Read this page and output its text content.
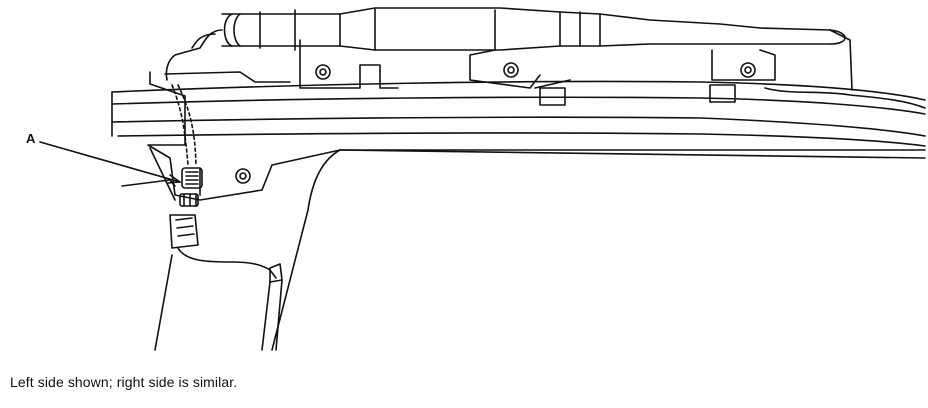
A
Left side shown; right side is similar.
